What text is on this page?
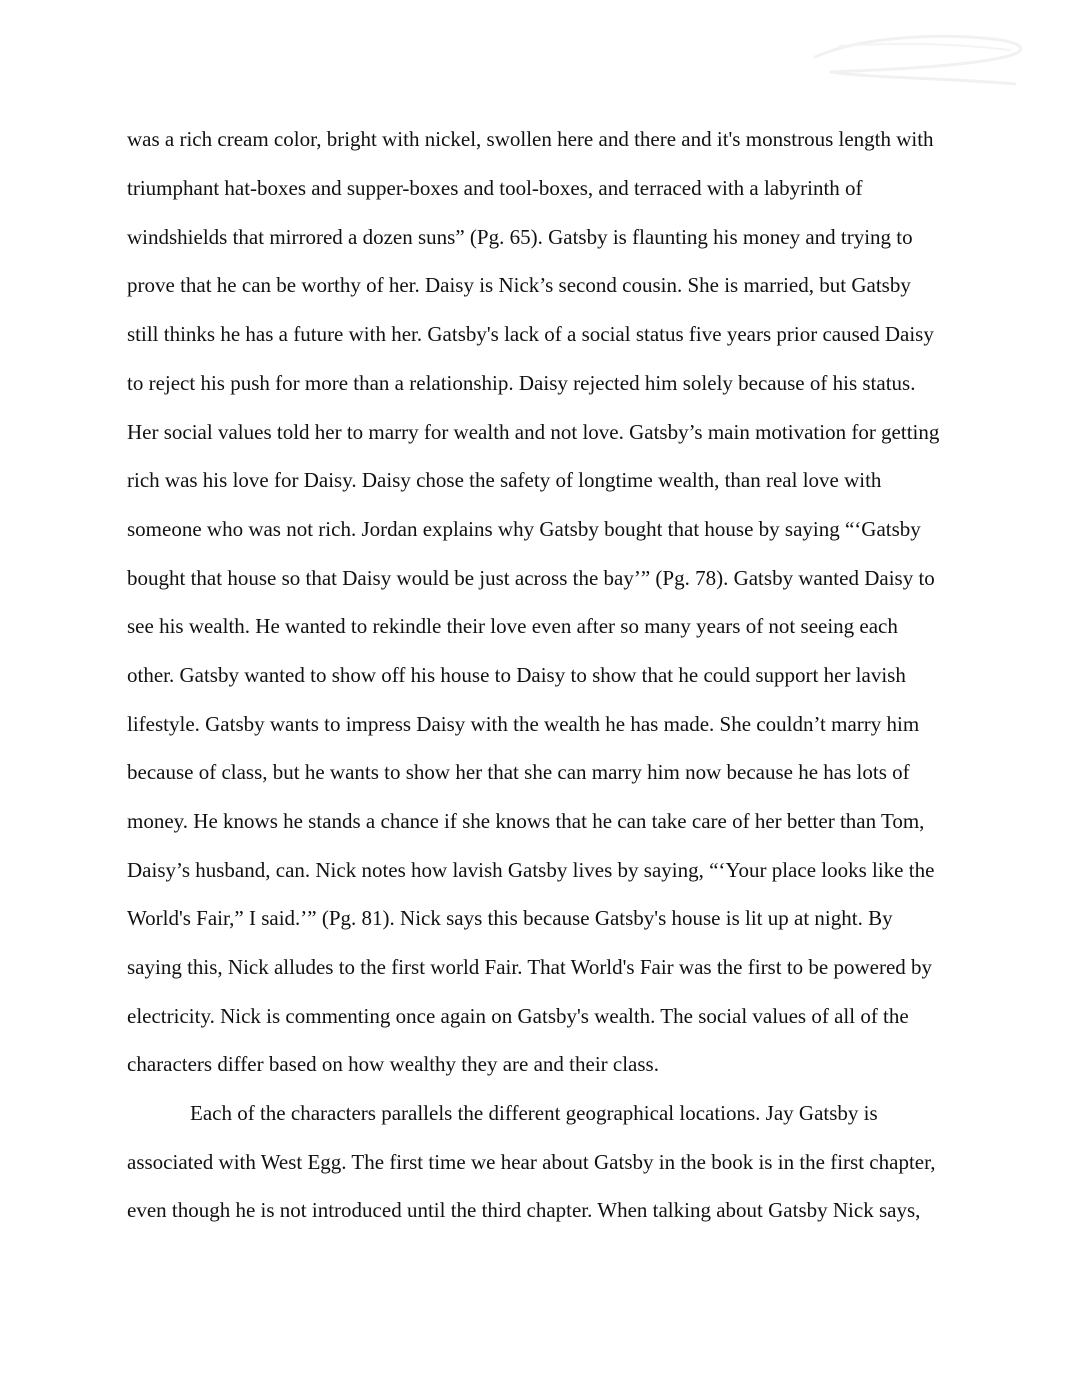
was a rich cream color, bright with nickel, swollen here and there and it's monstrous length with
triumphant hat-boxes and supper-boxes and tool-boxes, and terraced with a labyrinth of
windshields that mirrored a dozen suns” (Pg. 65). Gatsby is flaunting his money and trying to
prove that he can be worthy of her. Daisy is Nick’s second cousin. She is married, but Gatsby
still thinks he has a future with her. Gatsby's lack of a social status five years prior caused Daisy
to reject his push for more than a relationship. Daisy rejected him solely because of his status.
Her social values told her to marry for wealth and not love. Gatsby’s main motivation for getting
rich was his love for Daisy. Daisy chose the safety of longtime wealth, than real love with
someone who was not rich. Jordan explains why Gatsby bought that house by saying “‘Gatsby
bought that house so that Daisy would be just across the bay’” (Pg. 78). Gatsby wanted Daisy to
see his wealth. He wanted to rekindle their love even after so many years of not seeing each
other. Gatsby wanted to show off his house to Daisy to show that he could support her lavish
lifestyle. Gatsby wants to impress Daisy with the wealth he has made. She couldn’t marry him
because of class, but he wants to show her that she can marry him now because he has lots of
money. He knows he stands a chance if she knows that he can take care of her better than Tom,
Daisy’s husband, can. Nick notes how lavish Gatsby lives by saying, “‘Your place looks like the
World's Fair,” I said.’” (Pg. 81). Nick says this because Gatsby's house is lit up at night. By
saying this, Nick alludes to the first world Fair. That World's Fair was the first to be powered by
electricity. Nick is commenting once again on Gatsby's wealth. The social values of all of the
characters differ based on how wealthy they are and their class.
Each of the characters parallels the different geographical locations. Jay Gatsby is
associated with West Egg. The first time we hear about Gatsby in the book is in the first chapter,
even though he is not introduced until the third chapter. When talking about Gatsby Nick says,
